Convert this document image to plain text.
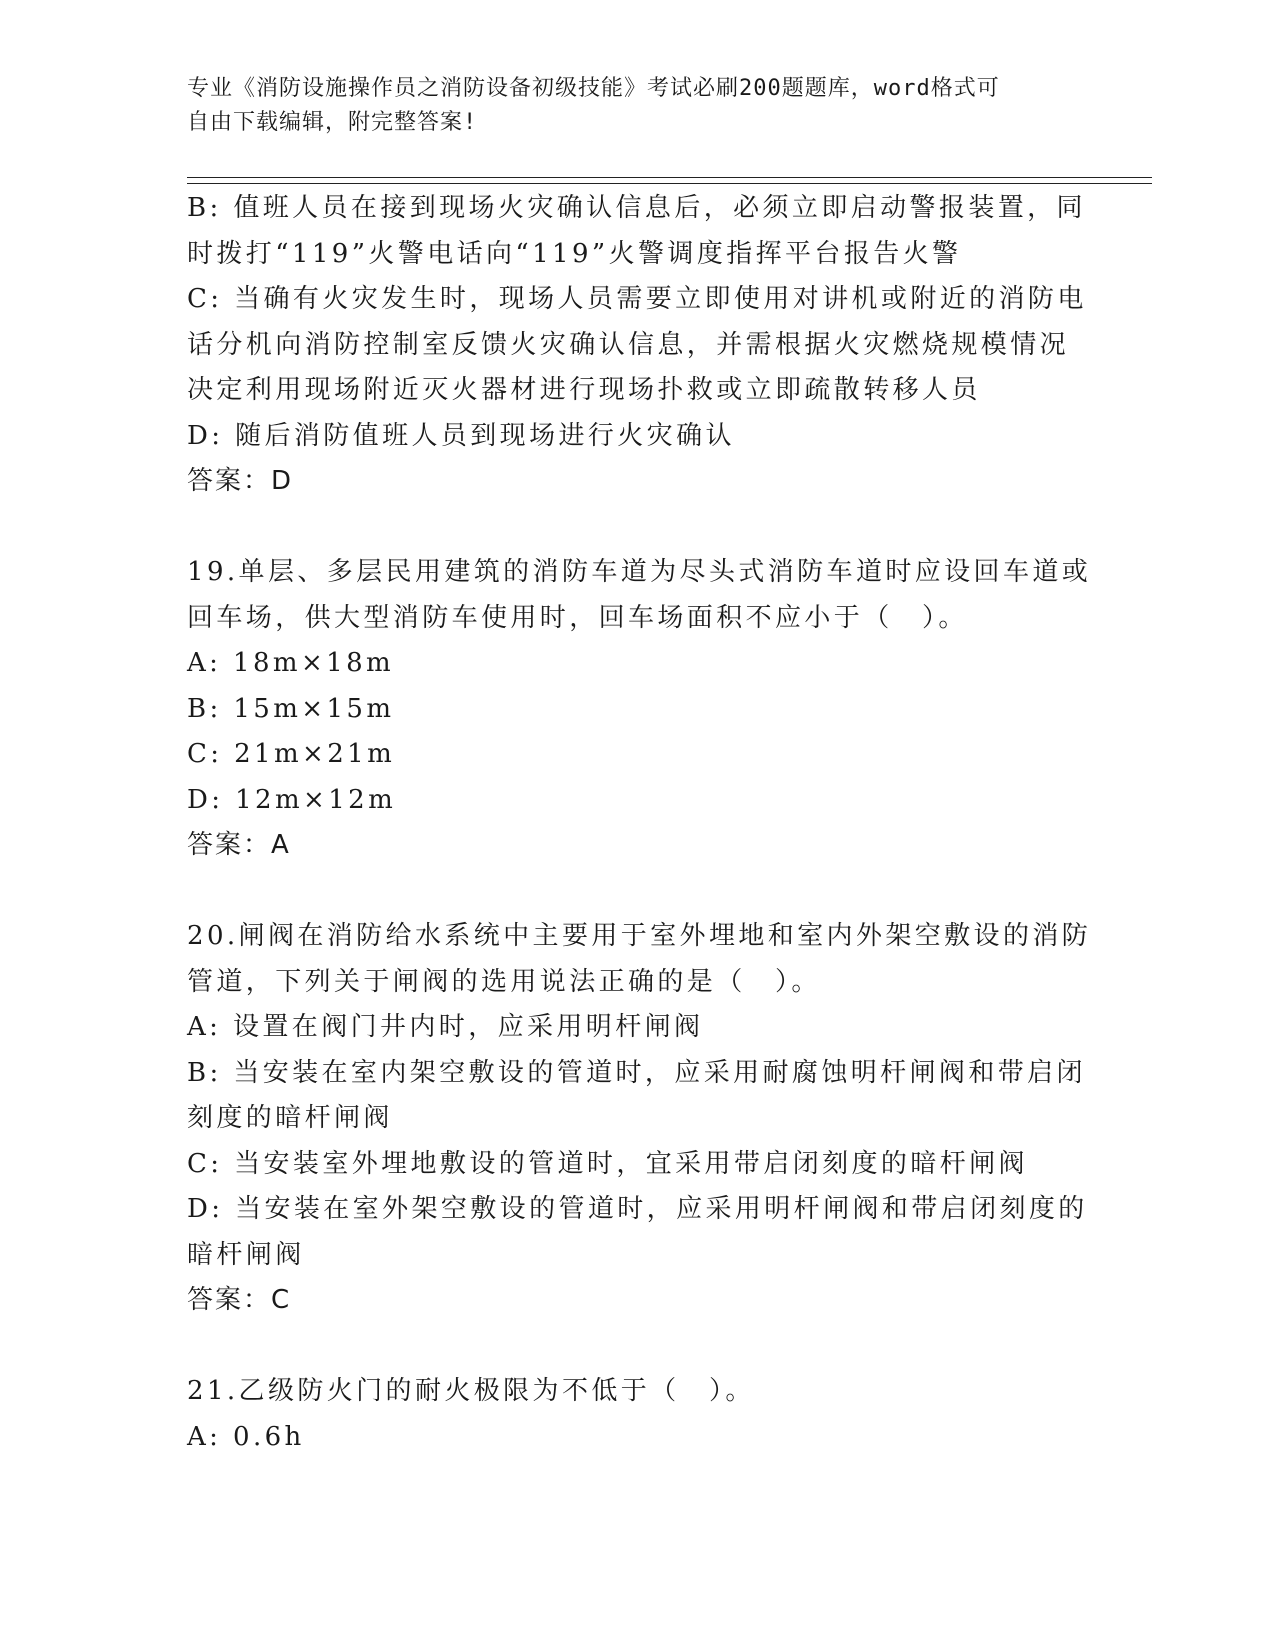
专业《消防设施操作员之消防设备初级技能》考试必刷200题题库，word格式可
自由下载编辑，附完整答案!
B: 值班人员在接到现场火灾确认信息后，必须立即启动警报装置，同
时拨打“119”火警电话向“119”火警调度指挥平台报告火警
C: 当确有火灾发生时，现场人员需要立即使用对讲机或附近的消防电
话分机向消防控制室反馈火灾确认信息，并需根据火灾燃烧规模情况
决定利用现场附近灭火器材进行现场扑救或立即疏散转移人员
D: 随后消防值班人员到现场进行火灾确认
答案：D
19.单层、多层民用建筑的消防车道为尽头式消防车道时应设回车道或
回车场，供大型消防车使用时，回车场面积不应小于（　）。
A: 18m×18m
B: 15m×15m
C: 21m×21m
D: 12m×12m
答案：A
20.闸阀在消防给水系统中主要用于室外埋地和室内外架空敷设的消防
管道，下列关于闸阀的选用说法正确的是（　）。
A: 设置在阀门井内时，应采用明杆闸阀
B: 当安装在室内架空敷设的管道时，应采用耐腐蚀明杆闸阀和带启闭
刻度的暗杆闸阀
C: 当安装室外埋地敷设的管道时，宜采用带启闭刻度的暗杆闸阀
D: 当安装在室外架空敷设的管道时，应采用明杆闸阀和带启闭刻度的
暗杆闸阀
答案：C
21.乙级防火门的耐火极限为不低于（　）。
A: 0.6h
